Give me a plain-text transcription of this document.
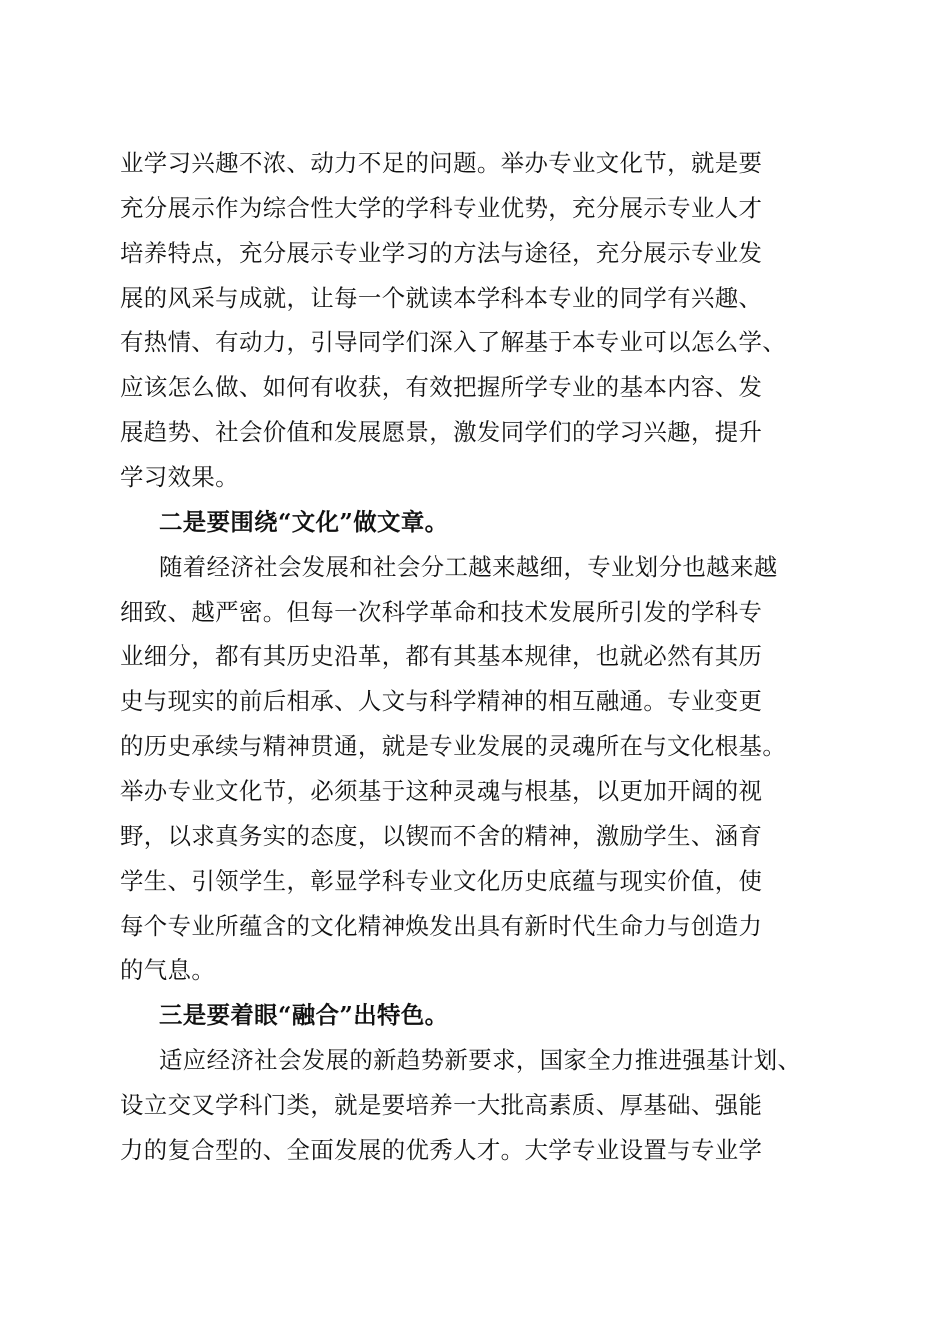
业学习兴趣不浓、动力不足的问题。举办专业文化节，就是要
充分展示作为综合性大学的学科专业优势，充分展示专业人才
培养特点，充分展示专业学习的方法与途径，充分展示专业发
展的风采与成就，让每一个就读本学科本专业的同学有兴趣、
有热情、有动力，引导同学们深入了解基于本专业可以怎么学、
应该怎么做、如何有收获，有效把握所学专业的基本内容、发
展趋势、社会价值和发展愿景，激发同学们的学习兴趣，提升
学习效果。
二是要围绕“文化”做文章。
随着经济社会发展和社会分工越来越细，专业划分也越来越
细致、越严密。但每一次科学革命和技术发展所引发的学科专
业细分，都有其历史沿革，都有其基本规律，也就必然有其历
史与现实的前后相承、人文与科学精神的相互融通。专业变更
的历史承续与精神贯通，就是专业发展的灵魂所在与文化根基。
举办专业文化节，必须基于这种灵魂与根基，以更加开阔的视
野，以求真务实的态度，以锲而不舍的精神，激励学生、涵育
学生、引领学生，彰显学科专业文化历史底蕴与现实价值，使
每个专业所蕴含的文化精神焕发出具有新时代生命力与创造力
的气息。
三是要着眼“融合”出特色。
适应经济社会发展的新趋势新要求，国家全力推进强基计划、
设立交叉学科门类，就是要培养一大批高素质、厚基础、强能
力的复合型的、全面发展的优秀人才。大学专业设置与专业学
